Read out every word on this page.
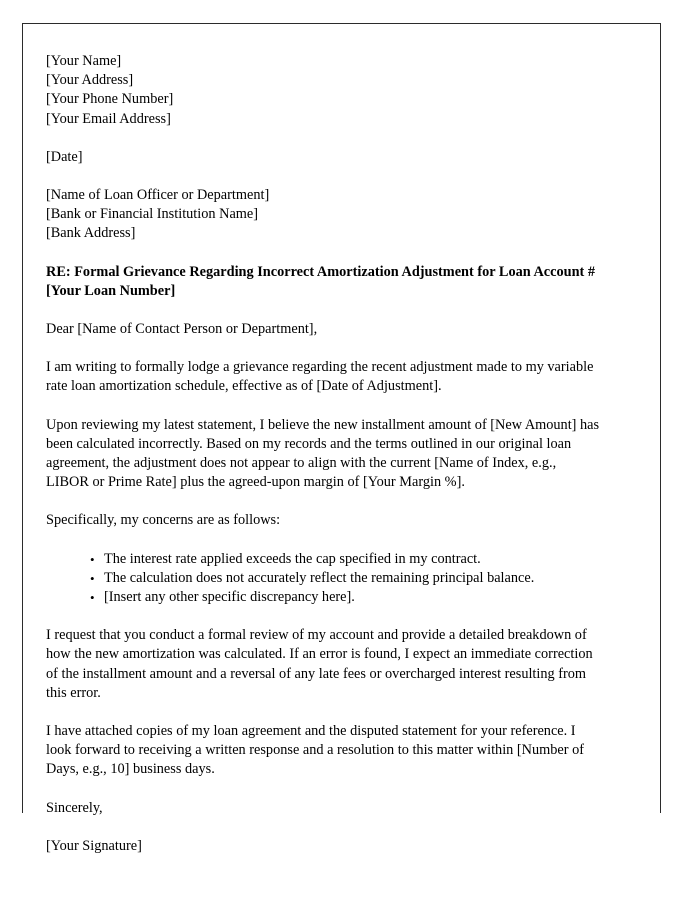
[Your Name]
[Your Address]
[Your Phone Number]
[Your Email Address]
[Date]
[Name of Loan Officer or Department]
[Bank or Financial Institution Name]
[Bank Address]
RE: Formal Grievance Regarding Incorrect Amortization Adjustment for Loan Account #[Your Loan Number]
Dear [Name of Contact Person or Department],

I am writing to formally lodge a grievance regarding the recent adjustment made to my variable rate loan amortization schedule, effective as of [Date of Adjustment].

Upon reviewing my latest statement, I believe the new installment amount of [New Amount] has been calculated incorrectly. Based on my records and the terms outlined in our original loan agreement, the adjustment does not appear to align with the current [Name of Index, e.g., LIBOR or Prime Rate] plus the agreed-upon margin of [Your Margin %].

Specifically, my concerns are as follows:

• The interest rate applied exceeds the cap specified in my contract.
• The calculation does not accurately reflect the remaining principal balance.
• [Insert any other specific discrepancy here].

I request that you conduct a formal review of my account and provide a detailed breakdown of how the new amortization was calculated. If an error is found, I expect an immediate correction of the installment amount and a reversal of any late fees or overcharged interest resulting from this error.

I have attached copies of my loan agreement and the disputed statement for your reference. I look forward to receiving a written response and a resolution to this matter within [Number of Days, e.g., 10] business days.

Sincerely,
[Your Signature]
